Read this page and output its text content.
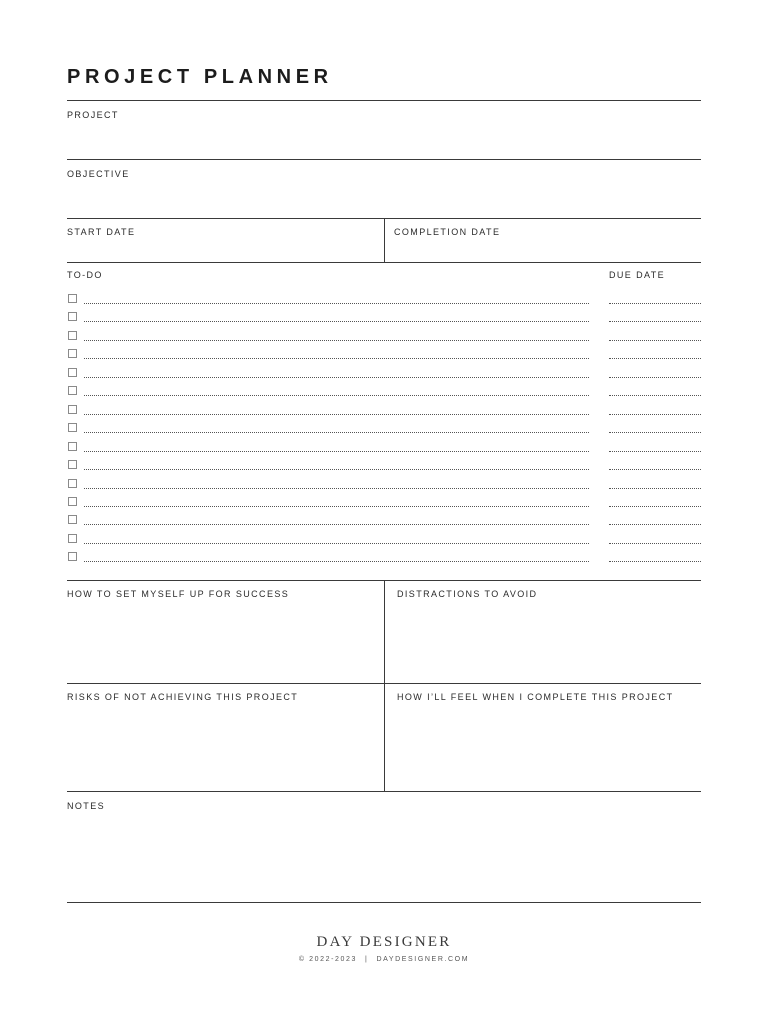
PROJECT PLANNER
PROJECT
OBJECTIVE
START DATE	COMPLETION DATE
TO-DO	DUE DATE
HOW TO SET MYSELF UP FOR SUCCESS	DISTRACTIONS TO AVOID
RISKS OF NOT ACHIEVING THIS PROJECT	HOW I’LL FEEL WHEN I COMPLETE THIS PROJECT
NOTES
DAY DESIGNER
© 2022-2023 | DAYDESIGNER.COM
